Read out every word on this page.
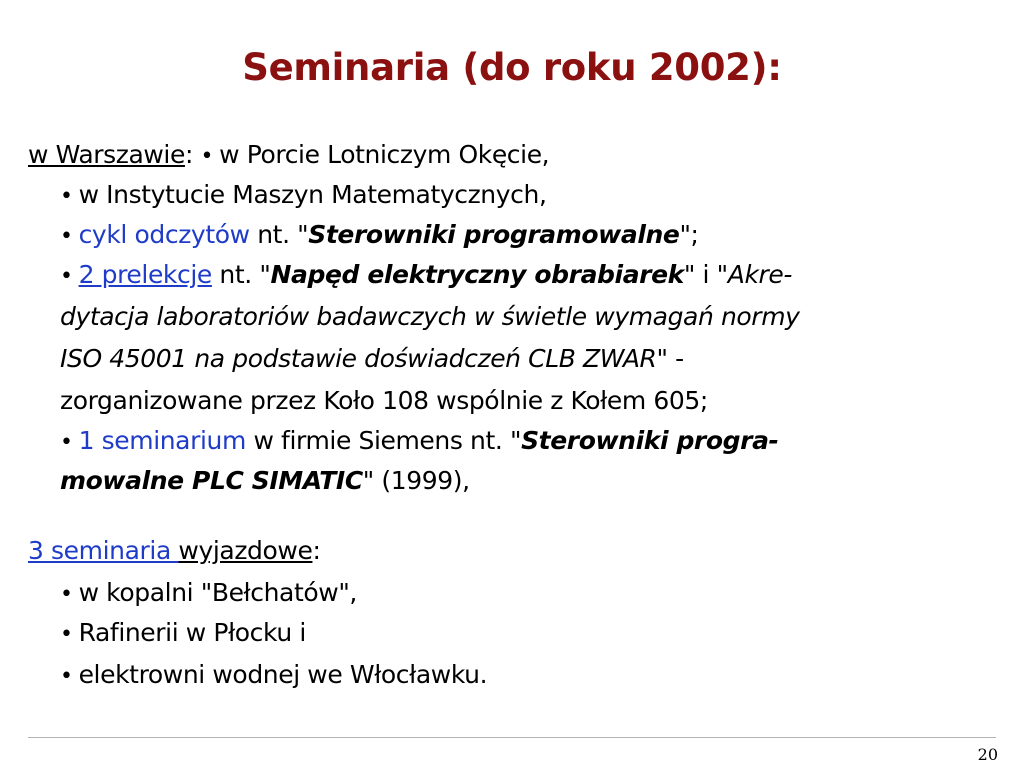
Seminaria (do roku 2002):
w Warszawie: • w Porcie Lotniczym Okęcie,
• w Instytucie Maszyn Matematycznych,
• cykl odczytów nt. "Sterowniki programowalne";
• 2 prelekcje nt. "Napęd elektryczny obrabiarek" i "Akre-
dytacja laboratoriów badawczych w świetle wymagań normy
ISO 45001 na podstawie doświadczeń CLB ZWAR" -
zorganizowane przez Koło 108 wspólnie z Kołem 605;
• 1 seminarium w firmie Siemens nt. "Sterowniki progra-
mowalne PLC SIMATIC" (1999),
3 seminaria wyjazdowe:
• w kopalni "Bełchatów",
• Rafinerii w Płocku i
• elektrowni wodnej we Włocławku.
20
